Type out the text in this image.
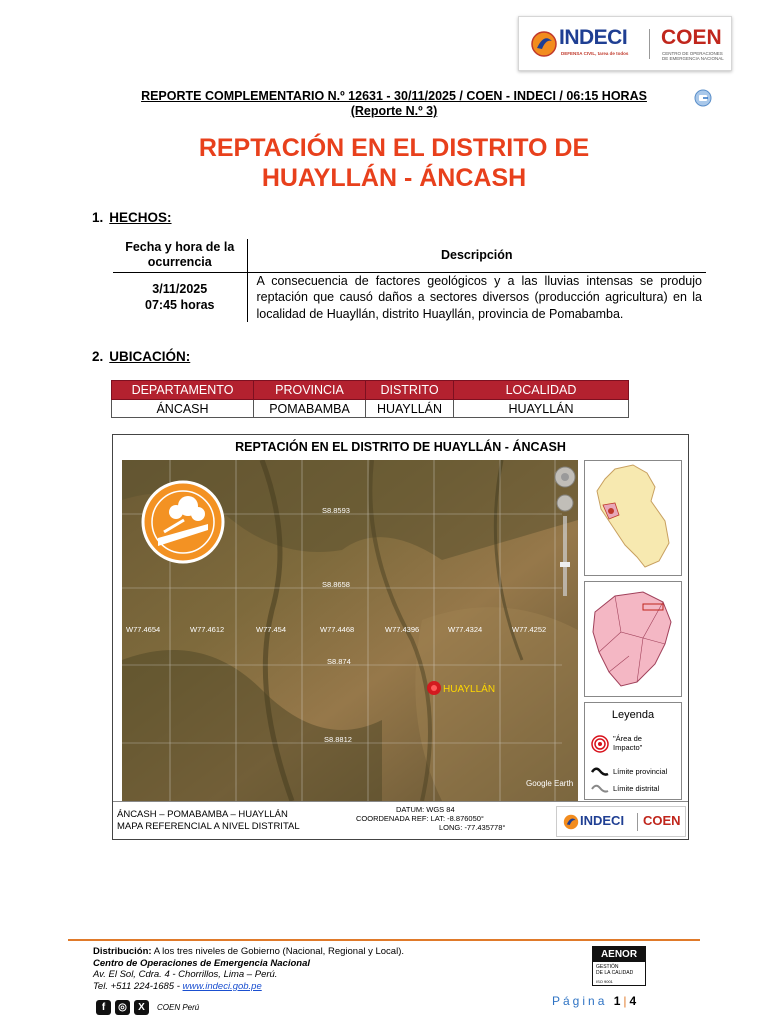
INDECI
DEFENSA CIVIL, tarea de todos
COEN
CENTRO DE OPERACIONES DE EMERGENCIA NACIONAL
REPORTE COMPLEMENTARIO N.º 12631 - 30/11/2025 / COEN - INDECI / 06:15 HORAS
(Reporte N.º 3)
REPTACIÓN EN EL DISTRITO DE
HUAYLLÁN - ÁNCASH
1. HECHOS:
Fecha y hora de la ocurrencia	Descripción

3/11/2025
07:45 horas	A consecuencia de factores geológicos y a las lluvias intensas se produjo reptación que causó daños a sectores diversos (producción agricultura) en la localidad de Huayllán, distrito Huayllán, provincia de Pomabamba.
2. UBICACIÓN:
DEPARTAMENTO	PROVINCIA	DISTRITO	LOCALIDAD
ÁNCASH	POMABAMBA	HUAYLLÁN	HUAYLLÁN
REPTACIÓN EN EL DISTRITO DE HUAYLLÁN - ÁNCASH
S8.8593
S8.8658
S8.874
S8.8812
W77.4654	W77.4612	W77.454	W77.4468	W77.4396	W77.4324	W77.4252
HUAYLLÁN
Google Earth
Leyenda
"Área de Impacto"
Límite provincial
Límite distrital
ÁNCASH – POMABAMBA – HUAYLLÁN
MAPA REFERENCIAL A NIVEL DISTRITAL
DATUM: WGS 84
COORDENADA REF: LAT: -8.876050°
LONG: -77.435778°	INDECI COEN
Distribución: A los tres niveles de Gobierno (Nacional, Regional y Local).
Centro de Operaciones de Emergencia Nacional
Av. El Sol, Cdra. 4 - Chorrillos, Lima – Perú.
Tel. +511 224-1685 - www.indeci.gob.pe
f	◎	X	COEN Perú
AENOR
GESTIÓN
DE LA CALIDAD
ISO 9001
Página 1|4
